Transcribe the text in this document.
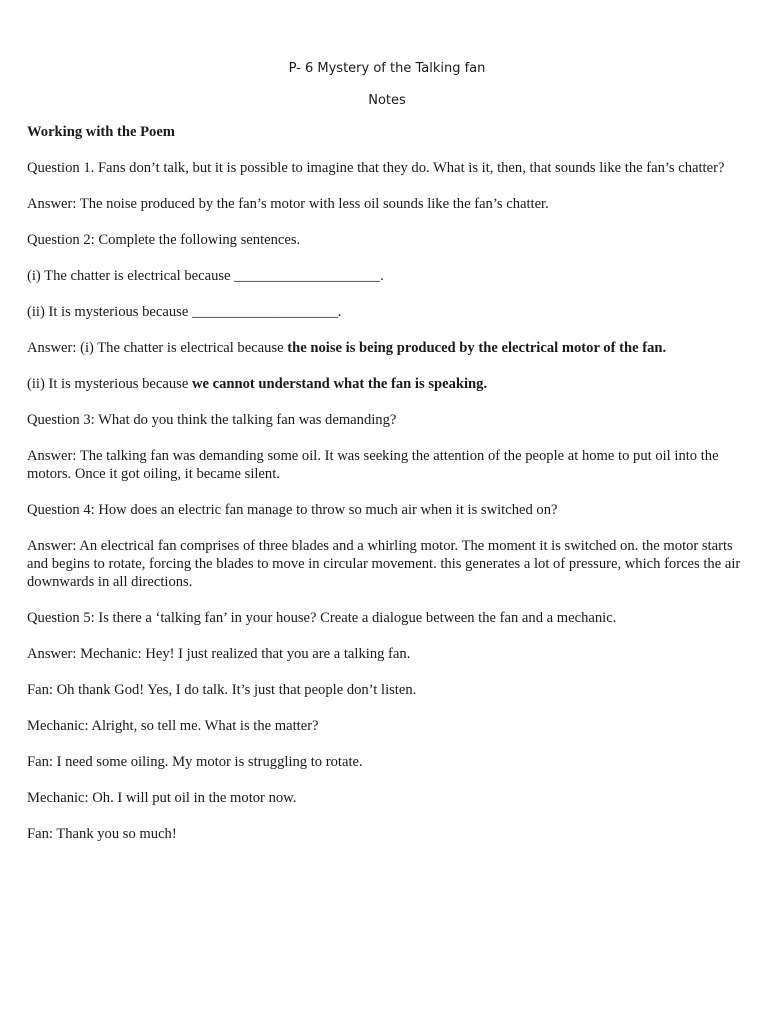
P- 6 Mystery of the Talking fan
Notes
Working with the Poem

Question 1. Fans don’t talk, but it is possible to imagine that they do. What is it, then, that sounds like the fan’s chatter?

Answer: The noise produced by the fan’s motor with less oil sounds like the fan’s chatter.

Question 2: Complete the following sentences.

(i) The chatter is electrical because ____________________.

(ii) It is mysterious because ____________________.

Answer: (i) The chatter is electrical because the noise is being produced by the electrical motor of the fan.

(ii) It is mysterious because we cannot understand what the fan is speaking.

Question 3: What do you think the talking fan was demanding?

Answer: The talking fan was demanding some oil. It was seeking the attention of the people at home to put oil into the motors. Once it got oiling, it became silent.

Question 4: How does an electric fan manage to throw so much air when it is switched on?

Answer: An electrical fan comprises of three blades and a whirling motor. The moment it is switched on. the motor starts and begins to rotate, forcing the blades to move in circular movement. this generates a lot of pressure, which forces the air downwards in all directions.

Question 5: Is there a ‘talking fan’ in your house? Create a dialogue between the fan and a mechanic.

Answer: Mechanic: Hey! I just realized that you are a talking fan.

Fan: Oh thank God! Yes, I do talk. It’s just that people don’t listen.

Mechanic: Alright, so tell me. What is the matter?

Fan: I need some oiling. My motor is struggling to rotate.

Mechanic: Oh. I will put oil in the motor now.

Fan: Thank you so much!
